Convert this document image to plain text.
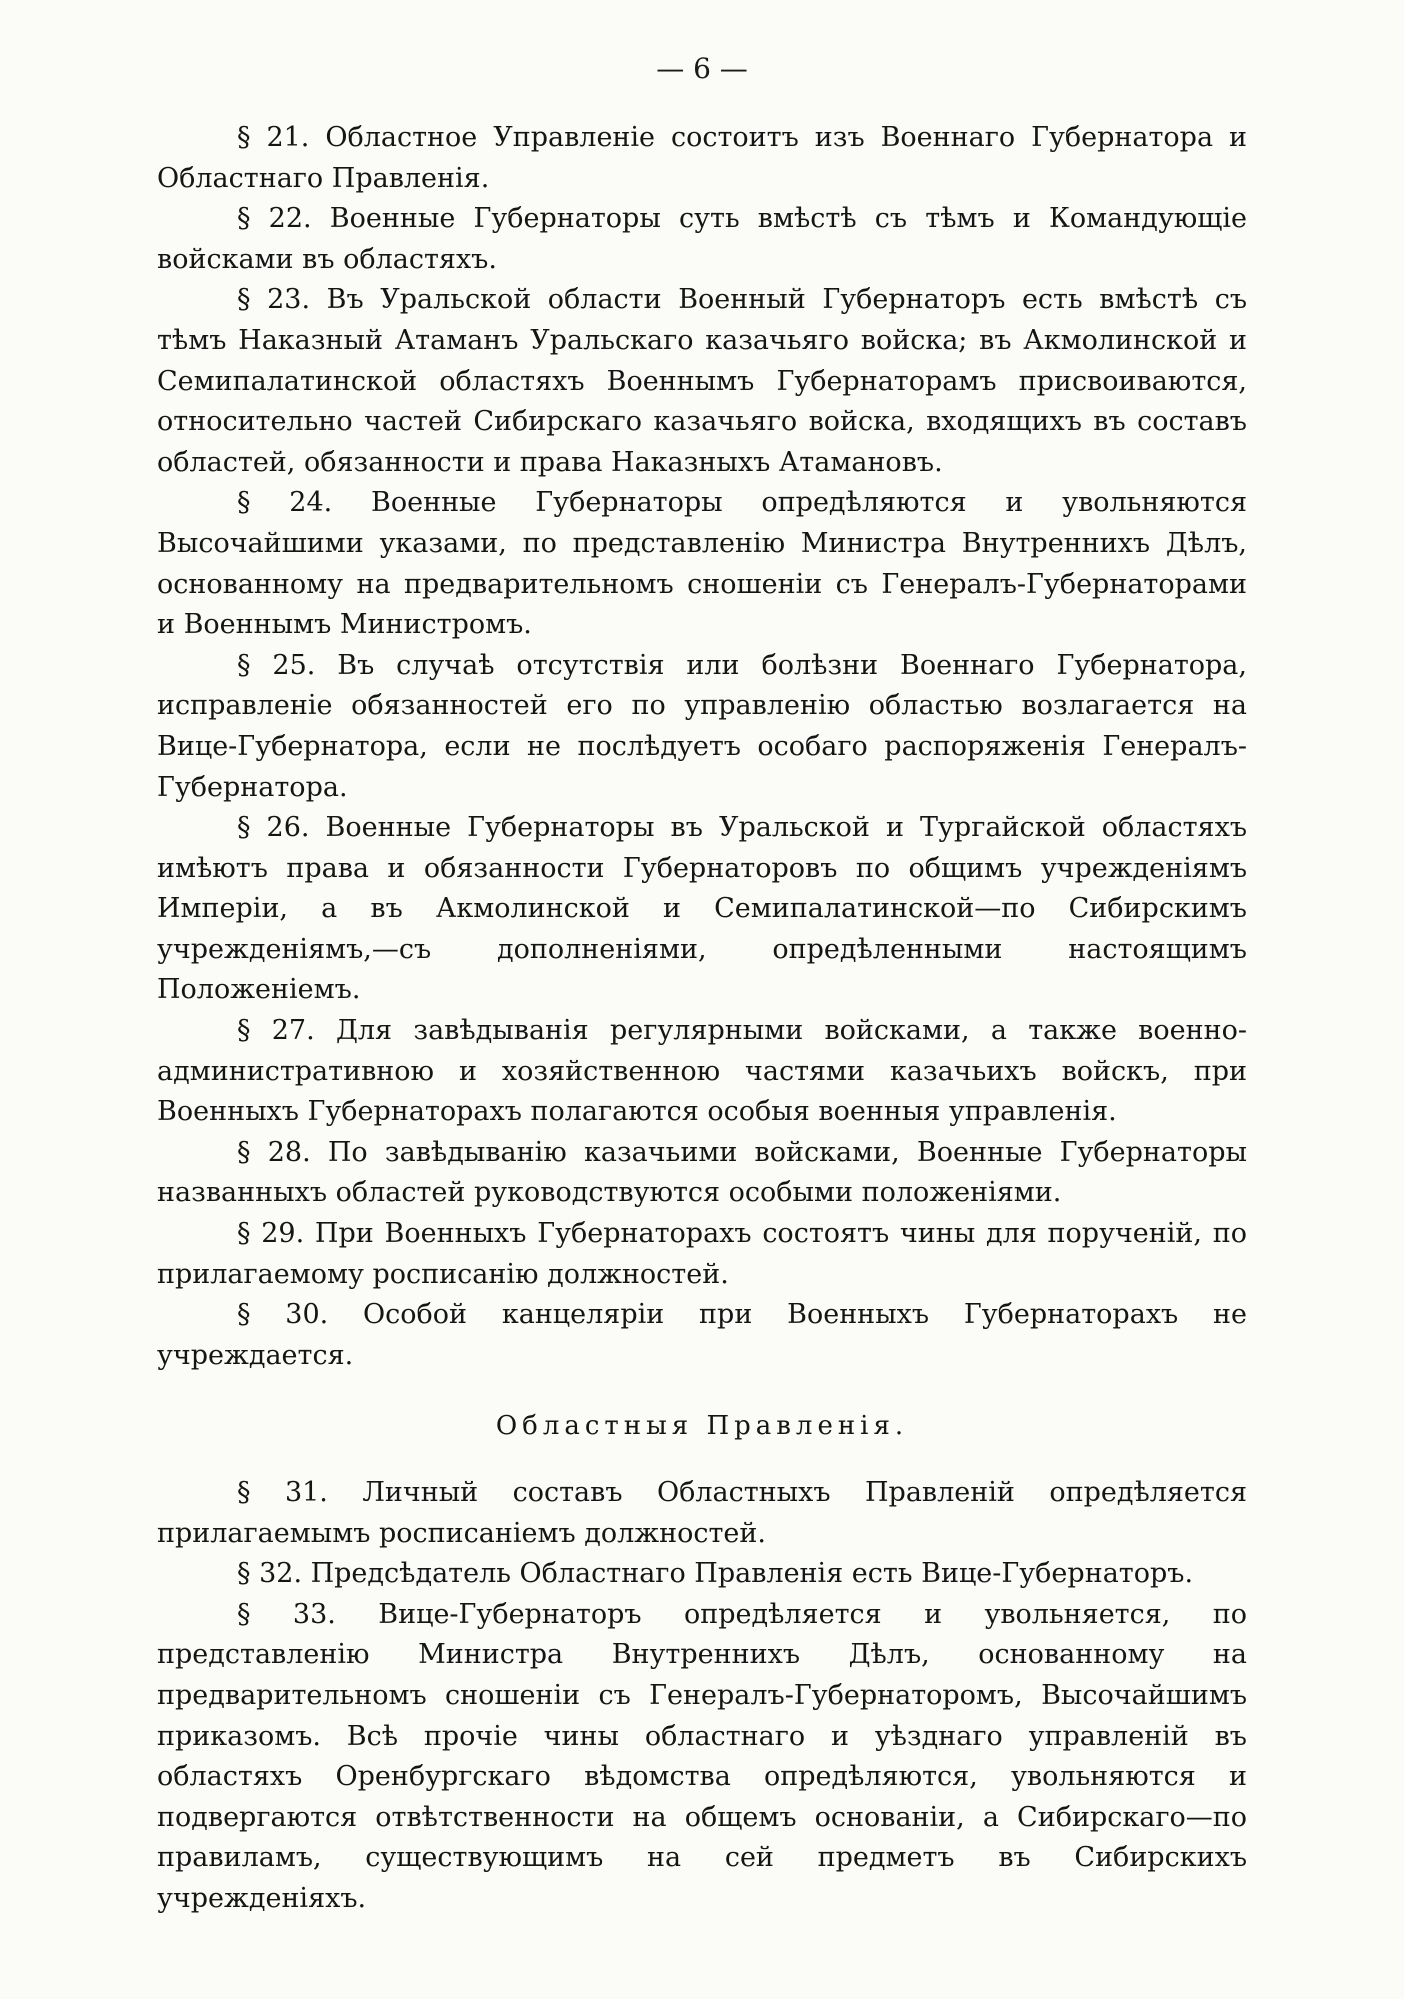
— 6 —

§ 21. Областное Управленіе состоитъ изъ Военнаго Губернатора и Областнаго Правленія.

§ 22. Военные Губернаторы суть вмѣстѣ съ тѣмъ и Командующіе войсками въ областяхъ.

§ 23. Въ Уральской области Военный Губернаторъ есть вмѣстѣ съ тѣмъ Наказный Атаманъ Уральскаго казачьяго войска; въ Акмолинской и Семипалатинской областяхъ Военнымъ Губернаторамъ присвоиваются, относительно частей Сибирскаго казачьяго войска, входящихъ въ составъ областей, обязанности и права Наказныхъ Атамановъ.

§ 24. Военные Губернаторы опредѣляются и увольняются Высочайшими указами, по представленію Министра Внутреннихъ Дѣлъ, основанному на предварительномъ сношеніи съ Генералъ-Губернаторами и Военнымъ Министромъ.

§ 25. Въ случаѣ отсутствія или болѣзни Военнаго Губернатора, исправленіе обязанностей его по управленію областью возлагается на Вице-Губернатора, если не послѣдуетъ особаго распоряженія Генералъ-Губернатора.

§ 26. Военные Губернаторы въ Уральской и Тургайской областяхъ имѣютъ права и обязанности Губернаторовъ по общимъ учрежденіямъ Имперіи, а въ Акмолинской и Семипалатинской—по Сибирскимъ учрежденіямъ,—съ дополненіями, опредѣленными настоящимъ Положеніемъ.

§ 27. Для завѣдыванія регулярными войсками, а также военно-административною и хозяйственною частями казачьихъ войскъ, при Военныхъ Губернаторахъ полагаются особыя военныя управленія.

§ 28. По завѣдыванію казачьими войсками, Военные Губернаторы названныхъ областей руководствуются особыми положеніями.

§ 29. При Военныхъ Губернаторахъ состоятъ чины для порученій, по прилагаемому росписанію должностей.

§ 30. Особой канцеляріи при Военныхъ Губернаторахъ не учреждается.

Областныя Правленія.

§ 31. Личный составъ Областныхъ Правленій опредѣляется прилагаемымъ росписаніемъ должностей.

§ 32. Предсѣдатель Областнаго Правленія есть Вице-Губернаторъ.

§ 33. Вице-Губернаторъ опредѣляется и увольняется, по представленію Министра Внутреннихъ Дѣлъ, основанному на предварительномъ сношеніи съ Генералъ-Губернаторомъ, Высочайшимъ приказомъ. Всѣ прочіе чины областнаго и уѣзднаго управленій въ областяхъ Оренбургскаго вѣдомства опредѣляются, увольняются и подвергаются отвѣтственности на общемъ основаніи, а Сибирскаго—по правиламъ, существующимъ на сей предметъ въ Сибирскихъ учрежденіяхъ.
